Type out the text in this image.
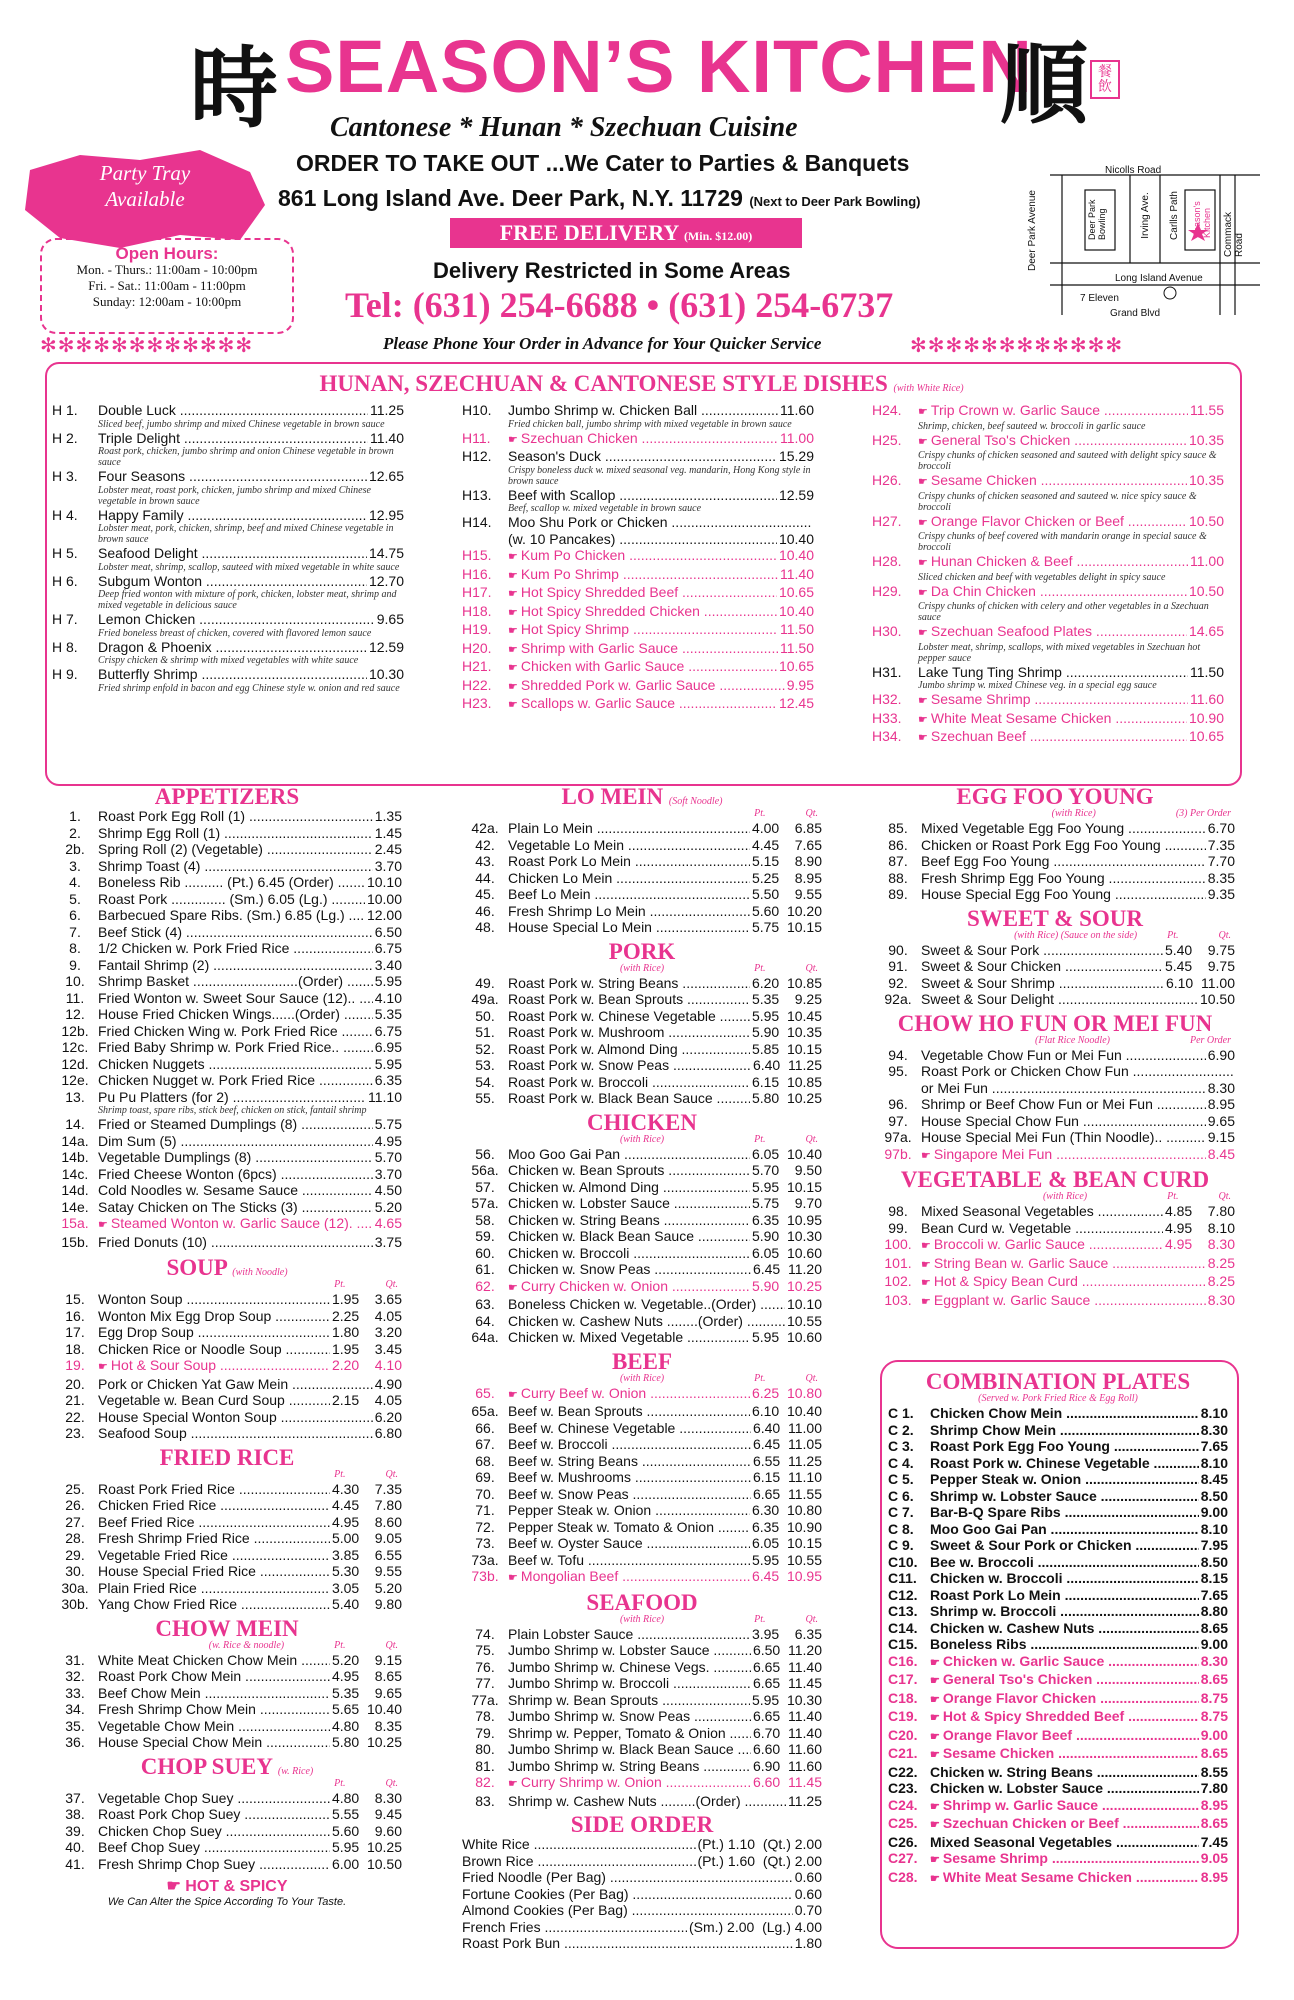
時 SEASON’S KITCHEN
順 餐飲
Cantonese * Hunan * Szechuan Cuisine
ORDER TO TAKE OUT ...We Cater to Parties & Banquets
861 Long Island Ave. Deer Park, N.Y. 11729 (Next to Deer Park Bowling)
Party Tray
Available
Open Hours:
Mon. - Thurs.: 11:00am - 10:00pm
Fri. - Sat.: 11:00am - 11:00pm
Sunday: 12:00am - 10:00pm
FREE DELIVERY (Min. $12.00)
Delivery Restricted in Some Areas
Tel: (631) 254-6688 • (631) 254-6737
Nicolls Road
Long Island Avenue
7 Eleven
Grand Blvd
Deer Park Avenue	Deer Park Bowling	Irving Ave. Carlls Path Season's Kitchen Commack Road
✻✻✻✻✻✻✻✻✻✻✻✻	Please Phone Your Order in Advance for Your Quicker Service	✻✻✻✻✻✻✻✻✻✻✻✻
HUNAN, SZECHUAN & CANTONESE STYLE DISHES (with White Rice)
H 1.	Double Luck .....	11.25
Sliced beef, jumbo shrimp and mixed Chinese vegetable in brown sauce
H 2.	Triple Delight .....	11.40
Roast pork, chicken, jumbo shrimp and onion Chinese vegetable in brown sauce
H 3.	Four Seasons .....	12.65
Lobster meat, roast pork, chicken, jumbo shrimp and mixed Chinese vegetable in brown sauce
H 4.	Happy Family .....	12.95
Lobster meat, pork, chicken, shrimp, beef and mixed Chinese vegetable in brown sauce
H 5.	Seafood Delight .....	14.75
Lobster meat, shrimp, scallop, sauteed with mixed vegetable in white sauce
H 6.	Subgum Wonton .....	12.70
Deep fried wonton with mixture of pork, chicken, lobster meat, shrimp and mixed vegetable in delicious sauce
H 7.	Lemon Chicken .....	9.65
Fried boneless breast of chicken, covered with flavored lemon sauce
H 8.	Dragon & Phoenix .....	12.59
Crispy chicken & shrimp with mixed vegetables with white sauce
H 9.	Butterfly Shrimp .....	10.30
Fried shrimp enfold in bacon and egg Chinese style w. onion and red sauce
H10.	Jumbo Shrimp w. Chicken Ball .....	11.60
Fried chicken ball, jumbo shrimp with mixed vegetable in brown sauce
H11.	☛ Szechuan Chicken .....	11.00
H12.	Season's Duck .....	15.29
Crispy boneless duck w. mixed seasonal veg. mandarin, Hong Kong style in brown sauce
H13.	Beef with Scallop .....	12.59
Beef, scallop w. mixed vegetable in brown sauce
H14.	Moo Shu Pork or Chicken .....
(w. 10 Pancakes) .....	10.40
H15.	☛ Kum Po Chicken .....	10.40
H16.	☛ Kum Po Shrimp .....	11.40
H17.	☛ Hot Spicy Shredded Beef .....	10.65
H18.	☛ Hot Spicy Shredded Chicken .....	10.40
H19.	☛ Hot Spicy Shrimp .....	11.50
H20.	☛ Shrimp with Garlic Sauce .....	11.50
H21.	☛ Chicken with Garlic Sauce .....	10.65
H22.	☛ Shredded Pork w. Garlic Sauce .....	9.95
H23.	☛ Scallops w. Garlic Sauce .....	12.45
H24.	☛ Trip Crown w. Garlic Sauce .....	11.55
Shrimp, chicken, beef sauteed w. broccoli in garlic sauce
H25.	☛ General Tso's Chicken .....	10.35
Crispy chunks of chicken seasoned and sauteed with delight spicy sauce & broccoli
H26.	☛ Sesame Chicken .....	10.35
Crispy chunks of chicken seasoned and sauteed w. nice spicy sauce & broccoli
H27.	☛ Orange Flavor Chicken or Beef .....	10.50
Crispy chunks of beef covered with mandarin orange in special sauce & broccoli
H28.	☛ Hunan Chicken & Beef .....	11.00
Sliced chicken and beef with vegetables delight in spicy sauce
H29.	☛ Da Chin Chicken .....	10.50
Crispy chunks of chicken with celery and other vegetables in a Szechuan sauce
H30.	☛ Szechuan Seafood Plates .....	14.65
Lobster meat, shrimp, scallops, with mixed vegetables in Szechuan hot pepper sauce
H31.	Lake Tung Ting Shrimp .....	11.50
Jumbo shrimp w. mixed Chinese veg. in a special egg sauce
H32.	☛ Sesame Shrimp .....	11.60
H33.	☛ White Meat Sesame Chicken .....	10.90
H34.	☛ Szechuan Beef .....	10.65
APPETIZERS
1.	Roast Pork Egg Roll (1) .....	1.35
2.	Shrimp Egg Roll (1) .....	1.45
2b. Spring Roll (2) (Vegetable) .....	2.45
3.	Shrimp Toast (4) .....	3.70
4.	Boneless Rib .......... (Pt.) 6.45 (Order) .....	10.10
5.	Roast Pork .............. (Sm.) 6.05 (Lg.) .....	10.00
6.	Barbecued Spare Ribs. (Sm.) 6.85 (Lg.) .....	12.00
7.	Beef Stick (4) .....	6.50
8.	1/2 Chicken w. Pork Fried Rice .....	6.75
9.	Fantail Shrimp (2) .....	3.40
10. Shrimp Basket ...........................(Order) .....	5.95
11. Fried Wonton w. Sweet Sour Sauce (12).. .....	4.10
12. House Fried Chicken Wings......(Order) .....	5.35
12b. Fried Chicken Wing w. Pork Fried Rice .....	6.75
12c. Fried Baby Shrimp w. Pork Fried Rice.. .....	6.95
12d. Chicken Nuggets .....	5.95
12e. Chicken Nugget w. Pork Fried Rice .....	6.35
13. Pu Pu Platters (for 2) .....	11.10
Shrimp toast, spare ribs, stick beef, chicken on stick, fantail shrimp
14. Fried or Steamed Dumplings (8) .....	5.75
14a. Dim Sum (5) .....	4.95
14b. Vegetable Dumplings (8) .....	5.70
14c. Fried Cheese Wonton (6pcs) .....	3.70
14d. Cold Noodles w. Sesame Sauce .....	4.50
14e. Satay Chicken on The Sticks (3) .....	5.20
15a.	☛ Steamed Wonton w. Garlic Sauce (12). .....	4.65
15b. Fried Donuts (10) .....	3.75
SOUP (with Noodle)
Pt.	Qt.
15. Wonton Soup .....	1.95    3.65
16. Wonton Mix Egg Drop Soup .....	2.25    4.05
17. Egg Drop Soup .....	1.80    3.20
18. Chicken Rice or Noodle Soup .....	1.95    3.45
19.	☛ Hot & Sour Soup .....	2.20    4.10
20. Pork or Chicken Yat Gaw Mein .....	4.90
21. Vegetable w. Bean Curd Soup .....	2.15    4.05
22. House Special Wonton Soup .....	6.20
23. Seafood Soup .....	6.80
FRIED RICE
Pt.	Qt.
25. Roast Pork Fried Rice .....	4.30    7.35
26. Chicken Fried Rice .....	4.45    7.80
27. Beef Fried Rice .....	4.95    8.60
28. Fresh Shrimp Fried Rice .....	5.00    9.05
29. Vegetable Fried Rice .....	3.85    6.55
30. House Special Fried Rice .....	5.30    9.55
30a. Plain Fried Rice .....	3.05    5.20
30b. Yang Chow Fried Rice .....	5.40    9.80
CHOW MEIN
(w. Rice & noodle)	Pt.	Qt.
31. White Meat Chicken Chow Mein .....	5.20    9.15
32. Roast Pork Chow Mein .....	4.95    8.65
33. Beef Chow Mein .....	5.35    9.65
34. Fresh Shrimp Chow Mein .....	5.65  10.40
35. Vegetable Chow Mein .....	4.80    8.35
36. House Special Chow Mein .....	5.80  10.25
CHOP SUEY (w. Rice)
Pt.	Qt.
37. Vegetable Chop Suey .....	4.80    8.30
38. Roast Pork Chop Suey .....	5.55    9.45
39. Chicken Chop Suey .....	5.60    9.60
40. Beef Chop Suey .....	5.95  10.25
41. Fresh Shrimp Chop Suey .....	6.00  10.50
☛ HOT & SPICY
We Can Alter the Spice According To Your Taste.
LO MEIN (Soft Noodle)
Pt.	Qt.
42a. Plain Lo Mein .....	4.00    6.85
42. Vegetable Lo Mein .....	4.45    7.65
43. Roast Pork Lo Mein .....	5.15    8.90
44. Chicken Lo Mein .....	5.25    8.95
45. Beef Lo Mein .....	5.50    9.55
46. Fresh Shrimp Lo Mein .....	5.60  10.20
48. House Special Lo Mein .....	5.75  10.15
PORK
(with Rice)	Pt.	Qt.
49. Roast Pork w. String Beans .....	6.20  10.85
49a. Roast Pork w. Bean Sprouts .....	5.35    9.25
50. Roast Pork w. Chinese Vegetable .....	5.95  10.45
51. Roast Pork w. Mushroom .....	5.90  10.35
52. Roast Pork w. Almond Ding .....	5.85  10.15
53. Roast Pork w. Snow Peas .....	6.40  11.25
54. Roast Pork w. Broccoli .....	6.15  10.85
55. Roast Pork w. Black Bean Sauce .....	5.80  10.25
CHICKEN
(with Rice)	Pt.	Qt.
56. Moo Goo Gai Pan .....	6.05  10.40
56a. Chicken w. Bean Sprouts .....	5.70    9.50
57. Chicken w. Almond Ding .....	5.95  10.15
57a. Chicken w. Lobster Sauce .....	5.75    9.70
58. Chicken w. String Beans .....	6.35  10.95
59. Chicken w. Black Bean Sauce .....	5.90  10.30
60. Chicken w. Broccoli .....	6.05  10.60
61. Chicken w. Snow Peas .....	6.45  11.20
62.	☛ Curry Chicken w. Onion .....	5.90  10.25
63. Boneless Chicken w. Vegetable..(Order) .....	10.10
64. Chicken w. Cashew Nuts ........(Order) .....	10.55
64a. Chicken w. Mixed Vegetable .....	5.95  10.60
BEEF
(with Rice)	Pt.	Qt.
65.	☛ Curry Beef w. Onion .....	6.25  10.80
65a. Beef w. Bean Sprouts .....	6.10  10.40
66. Beef w. Chinese Vegetable .....	6.40  11.00
67. Beef w. Broccoli .....	6.45  11.05
68. Beef w. String Beans .....	6.55  11.25
69. Beef w. Mushrooms .....	6.15  11.10
70. Beef w. Snow Peas .....	6.65  11.55
71. Pepper Steak w. Onion .....	6.30  10.80
72. Pepper Steak w. Tomato & Onion .....	6.35  10.90
73. Beef w. Oyster Sauce .....	6.05  10.15
73a. Beef w. Tofu .....	5.95  10.55
73b.	☛ Mongolian Beef .....	6.45  10.95
SEAFOOD
(with Rice)	Pt.	Qt.
74. Plain Lobster Sauce .....	3.95    6.35
75. Jumbo Shrimp w. Lobster Sauce .....	6.50  11.20
76. Jumbo Shrimp w. Chinese Vegs. .....	6.65  11.40
77. Jumbo Shrimp w. Broccoli .....	6.65  11.45
77a. Shrimp w. Bean Sprouts .....	5.95  10.30
78. Jumbo Shrimp w. Snow Peas .....	6.65  11.40
79. Shrimp w. Pepper, Tomato & Onion .....	6.70  11.40
80. Jumbo Shrimp w. Black Bean Sauce .....	6.60  11.60
81. Jumbo Shrimp w. String Beans .....	6.90  11.60
82.	☛ Curry Shrimp w. Onion .....	6.60  11.45
83. Shrimp w. Cashew Nuts .........(Order) .....	11.25
SIDE ORDER
White Rice .....	(Pt.) 1.10  (Qt.) 2.00
Brown Rice .....	(Pt.) 1.60  (Qt.) 2.00
Fried Noodle (Per Bag) .....	0.60
Fortune Cookies (Per Bag) .....	0.60
Almond Cookies (Per Bag) .....	0.70
French Fries .....	(Sm.) 2.00  (Lg.) 4.00
Roast Pork Bun .....	1.80
EGG FOO YOUNG
(with Rice)	(3) Per Order
85. Mixed Vegetable Egg Foo Young .....	6.70
86. Chicken or Roast Pork Egg Foo Young .....	7.35
87. Beef Egg Foo Young .....	7.70
88. Fresh Shrimp Egg Foo Young .....	8.35
89. House Special Egg Foo Young .....	9.35
SWEET & SOUR
(with Rice) (Sauce on the side)	Pt.	Qt.
90. Sweet & Sour Pork .....	5.40    9.75
91. Sweet & Sour Chicken .....	5.45    9.75
92. Sweet & Sour Shrimp .....	6.10  11.00
92a. Sweet & Sour Delight .....	10.50
CHOW HO FUN OR MEI FUN
(Flat Rice Noodle)	Per Order
94. Vegetable Chow Fun or Mei Fun .....	6.90
95. Roast Pork or Chicken Chow Fun .....
or Mei Fun .....	8.30
96. Shrimp or Beef Chow Fun or Mei Fun .....	8.95
97. House Special Chow Fun .....	9.65
97a. House Special Mei Fun (Thin Noodle).. .....	9.15
97b.	☛ Singapore Mei Fun .....	8.45
VEGETABLE & BEAN CURD
(with Rice)	Pt.	Qt.
98. Mixed Seasonal Vegetables .....	4.85    7.80
99. Bean Curd w. Vegetable .....	4.95    8.10
100.	☛ Broccoli w. Garlic Sauce .....	4.95    8.30
101.	☛ String Bean w. Garlic Sauce .....	8.25
102.	☛ Hot & Spicy Bean Curd .....	8.25
103.	☛ Eggplant w. Garlic Sauce .....	8.30
COMBINATION PLATES
(Served w. Pork Fried Rice & Egg Roll)
C 1.	Chicken Chow Mein .....	8.10
C 2.	Shrimp Chow Mein .....	8.30
C 3.	Roast Pork Egg Foo Young .....	7.65
C 4.	Roast Pork w. Chinese Vegetable .....	8.10
C 5.	Pepper Steak w. Onion .....	8.45
C 6.	Shrimp w. Lobster Sauce .....	8.50
C 7.	Bar-B-Q Spare Ribs .....	9.00
C 8.	Moo Goo Gai Pan .....	8.10
C 9.	Sweet & Sour Pork or Chicken .....	7.95
C10. Bee w. Broccoli .....	8.50
C11. Chicken w. Broccoli .....	8.15
C12. Roast Pork Lo Mein .....	7.65
C13. Shrimp w. Broccoli .....	8.80
C14. Chicken w. Cashew Nuts .....	8.65
C15. Boneless Ribs .....	9.00
C16.	☛ Chicken w. Garlic Sauce .....	8.30
C17.	☛ General Tso's Chicken .....	8.65
C18.	☛ Orange Flavor Chicken .....	8.75
C19.	☛ Hot & Spicy Shredded Beef .....	8.75
C20.	☛ Orange Flavor Beef .....	9.00
C21.	☛ Sesame Chicken .....	8.65
C22. Chicken w. String Beans .....	8.55
C23. Chicken w. Lobster Sauce .....	7.80
C24.	☛ Shrimp w. Garlic Sauce .....	8.95
C25.	☛ Szechuan Chicken or Beef .....	8.65
C26. Mixed Seasonal Vegetables .....	7.45
C27.	☛ Sesame Shrimp .....	9.05
C28.	☛ White Meat Sesame Chicken .....	8.95
